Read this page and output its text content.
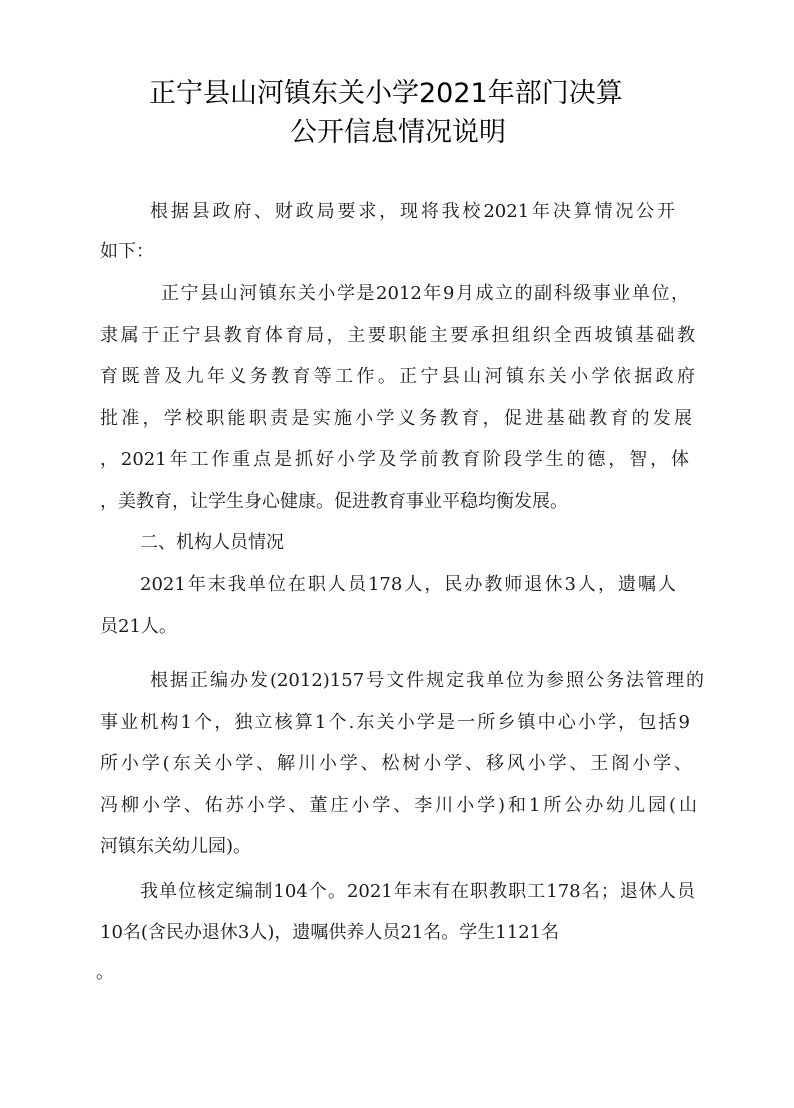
正宁县山河镇东关小学2021年部门决算
公开信息情况说明
根据县政府、财政局要求，现将我校2021年决算情况公开
如下：
正宁县山河镇东关小学是2012年9月成立的副科级事业单位，
隶属于正宁县教育体育局，主要职能主要承担组织全西坡镇基础教
育既普及九年义务教育等工作。正宁县山河镇东关小学依据政府
批准，学校职能职责是实施小学义务教育，促进基础教育的发展
，2021年工作重点是抓好小学及学前教育阶段学生的德，智，体
，美教育，让学生身心健康。促进教育事业平稳均衡发展。
二、机构人员情况
2021年末我单位在职人员178人，民办教师退休3人，遗嘱人
员21人。
根据正编办发(2012)157号文件规定我单位为参照公务法管理的
事业机构1个，独立核算1个.东关小学是一所乡镇中心小学，包括9
所小学(东关小学、解川小学、松树小学、移风小学、王阁小学、
冯柳小学、佑苏小学、董庄小学、李川小学)和1所公办幼儿园(山
河镇东关幼儿园)。
我单位核定编制104个。2021年末有在职教职工178名；退休人员
10名(含民办退休3人)，遗嘱供养人员21名。学生1121名
。
